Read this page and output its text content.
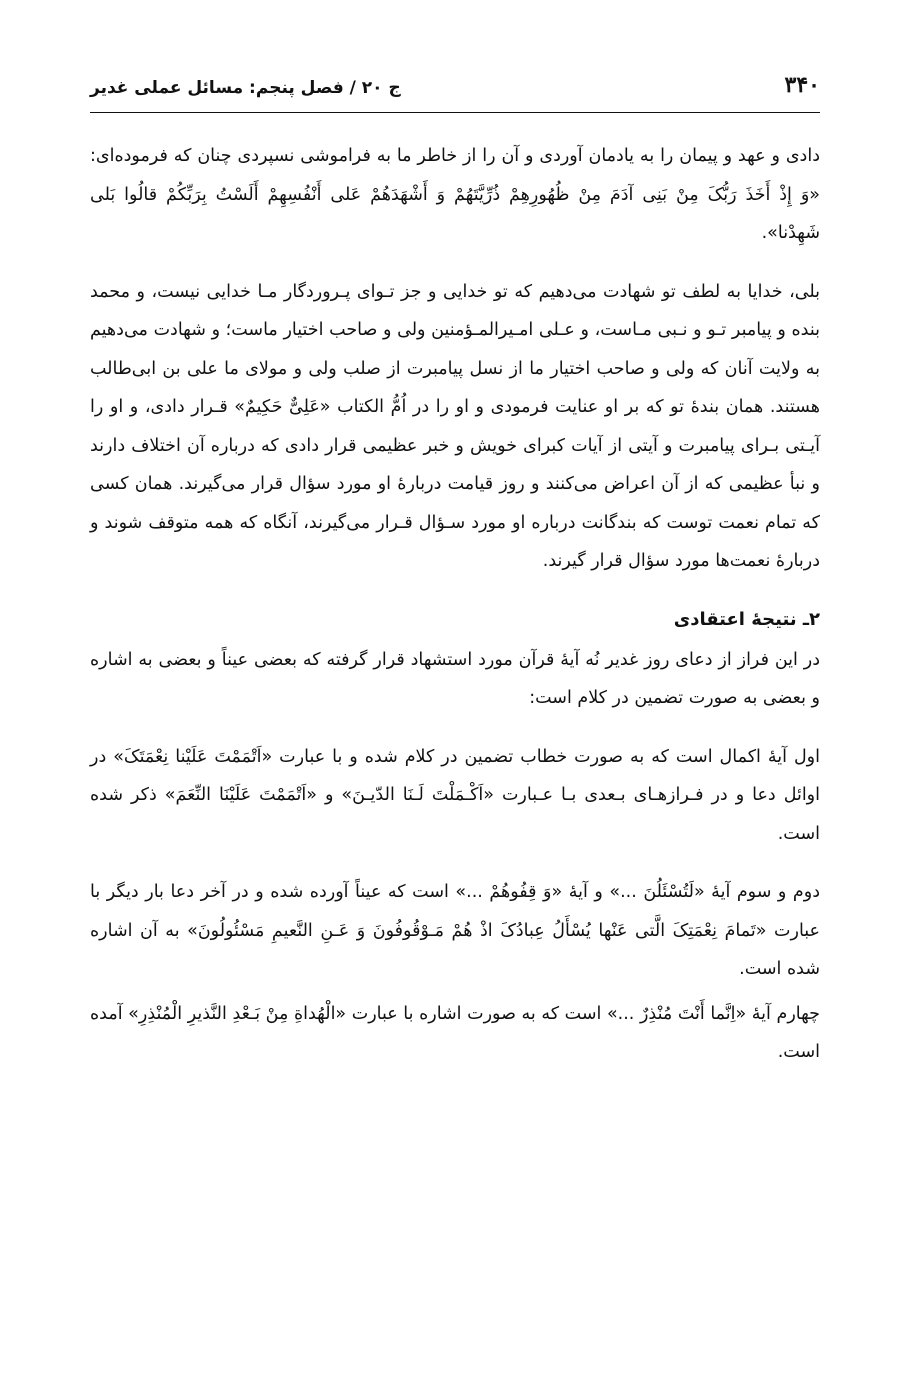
۳۴۰
ج ۲۰ / فصل پنجم: مسائل عملی غدیر

دادی و عهد و پیمان را به یادمان آوردی و آن را از خاطر ما به فراموشی نسپردی چنان که فرموده‌ای: «وَ إِذْ أَخَذَ رَبُّکَ مِنْ بَنِی آدَمَ مِنْ ظُهُورِهِمْ ذُرِّیَّتَهُمْ وَ أَشْهَدَهُمْ عَلی أَنْفُسِهِمْ أَلَسْتُ بِرَبِّکُمْ قالُوا بَلی شَهِدْنا».

بلی، خدایا به لطف تو شهادت می‌دهیم که تو خدایی و جز تـوای پـروردگار مـا خدایی نیست، و محمد بنده و پیامبر تـو و نـبی مـاست، و عـلی امـیرالمـؤمنین ولی و صاحب اختیار ماست؛ و شهادت می‌دهیم به ولایت آنان که ولی و صاحب اختیار ما از نسل پیامبرت از صلب ولی و مولای ما علی بن ابی‌طالب هستند. همان بندهٔ تو که بر او عنایت فرمودی و او را در اُمُّ الکتاب «عَلِیٌّ حَکِیمٌ» قـرار دادی، و او را آیـتی بـرای پیامبرت و آیتی از آیات کبرای خویش و خبر عظیمی قرار دادی که درباره آن اختلاف دارند و نبأ عظیمی که از آن اعراض می‌کنند و روز قیامت دربارهٔ او مورد سؤال قرار می‌گیرند. همان کسی که تمام نعمت توست که بندگانت درباره او مورد سـؤال قـرار می‌گیرند، آنگاه که همه متوقف شوند و دربارهٔ نعمت‌ها مورد سؤال قرار گیرند.

۲ـ نتیجهٔ اعتقادی

در این فراز از دعای روز غدیر نُه آیهٔ قرآن مورد استشهاد قرار گرفته که بعضی عیناً و بعضی به اشاره و بعضی به صورت تضمین در کلام است:

اول آیهٔ اکمال است که به صورت خطاب تضمین در کلام شده و با عبارت «اَتْمَمْتَ عَلَیْنا نِعْمَتَکَ» در اوائل دعا و در فـرازهـای بـعدی بـا عـبارت «اَکْـمَلْتَ لَـنَا الدّیـنَ» و «اَتْمَمْتَ عَلَیْنَا النِّعَمَ» ذکر شده است.

دوم و سوم آیهٔ «لَتُسْئَلُنَ ...» و آیهٔ «وَ قِفُوهُمْ ...» است که عیناً آورده شده و در آخر دعا بار دیگر با عبارت «تَمامَ نِعْمَتِکَ الَّتی عَنْها یُسْأَلُ عِبادُکَ اذْ هُمْ مَـوْقُوفُونَ وَ عَـنِ النَّعیمِ مَسْئُولُونَ» به آن اشاره شده است.

چهارم آیهٔ «اِنَّما أَنْتَ مُنْذِرٌ ...» است که به صورت اشاره با عبارت «الْهُداةِ مِنْ بَـعْدِ النَّذیرِ الْمُنْذِرِ» آمده است.
